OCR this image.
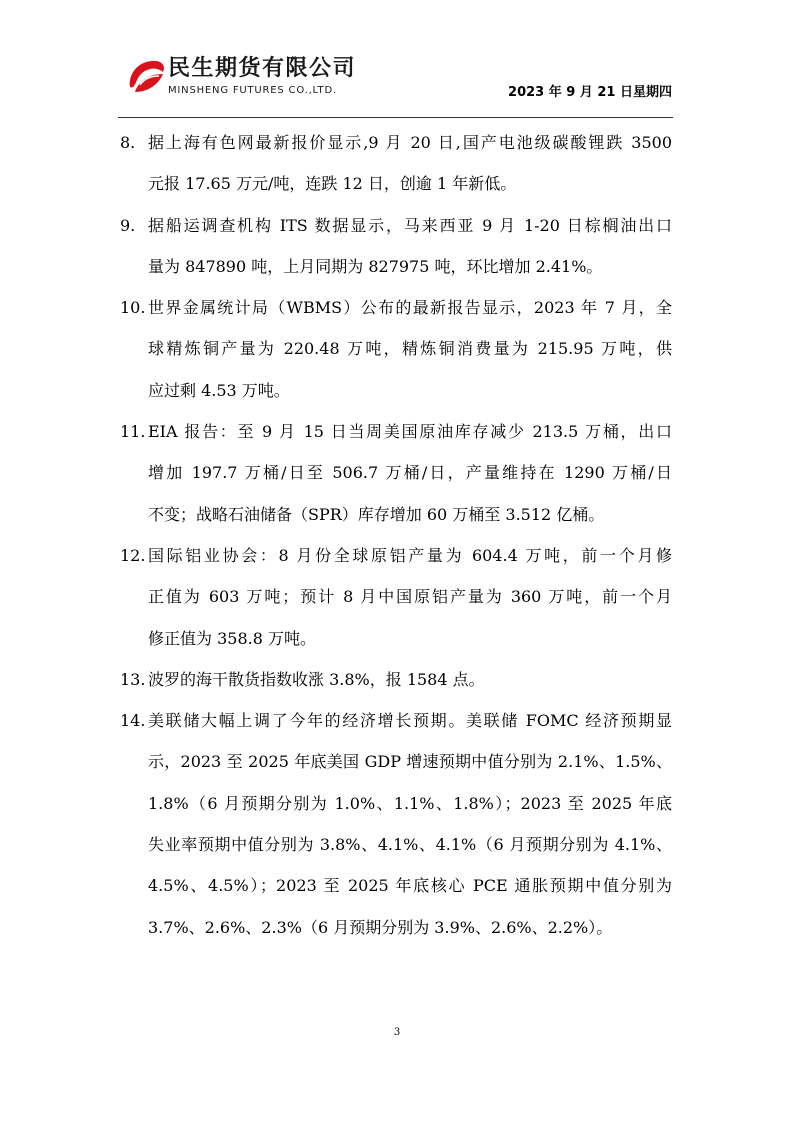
民生期货有限公司
MINSHENG FUTURES CO.,LTD.	2023 年 9 月 21 日星期四
8. 据上海有色网最新报价显示,9 月 20 日,国产电池级碳酸锂跌 3500
元报 17.65 万元/吨，连跌 12 日，创逾 1 年新低。
9. 据船运调查机构 ITS 数据显示，马来西亚 9 月 1-20 日棕榈油出口
量为 847890 吨，上月同期为 827975 吨，环比增加 2.41%。
10. 世界金属统计局（WBMS）公布的最新报告显示，2023 年 7 月，全
球精炼铜产量为 220.48 万吨，精炼铜消费量为 215.95 万吨，供
应过剩 4.53 万吨。
11. EIA 报告：至 9 月 15 日当周美国原油库存减少 213.5 万桶，出口
增加 197.7 万桶/日至 506.7 万桶/日，产量维持在 1290 万桶/日
不变；战略石油储备（SPR）库存增加 60 万桶至 3.512 亿桶。
12. 国际铝业协会：8 月份全球原铝产量为 604.4 万吨，前一个月修
正值为 603 万吨；预计 8 月中国原铝产量为 360 万吨，前一个月
修正值为 358.8 万吨。
13. 波罗的海干散货指数收涨 3.8%，报 1584 点。
14. 美联储大幅上调了今年的经济增长预期。美联储 FOMC 经济预期显
示，2023 至 2025 年底美国 GDP 增速预期中值分别为 2.1%、1.5%、
1.8%（6 月预期分别为 1.0%、1.1%、1.8%）；2023 至 2025 年底
失业率预期中值分别为 3.8%、4.1%、4.1%（6 月预期分别为 4.1%、
4.5%、4.5%）；2023 至 2025 年底核心 PCE 通胀预期中值分别为
3.7%、2.6%、2.3%（6 月预期分别为 3.9%、2.6%、2.2%）。
3
